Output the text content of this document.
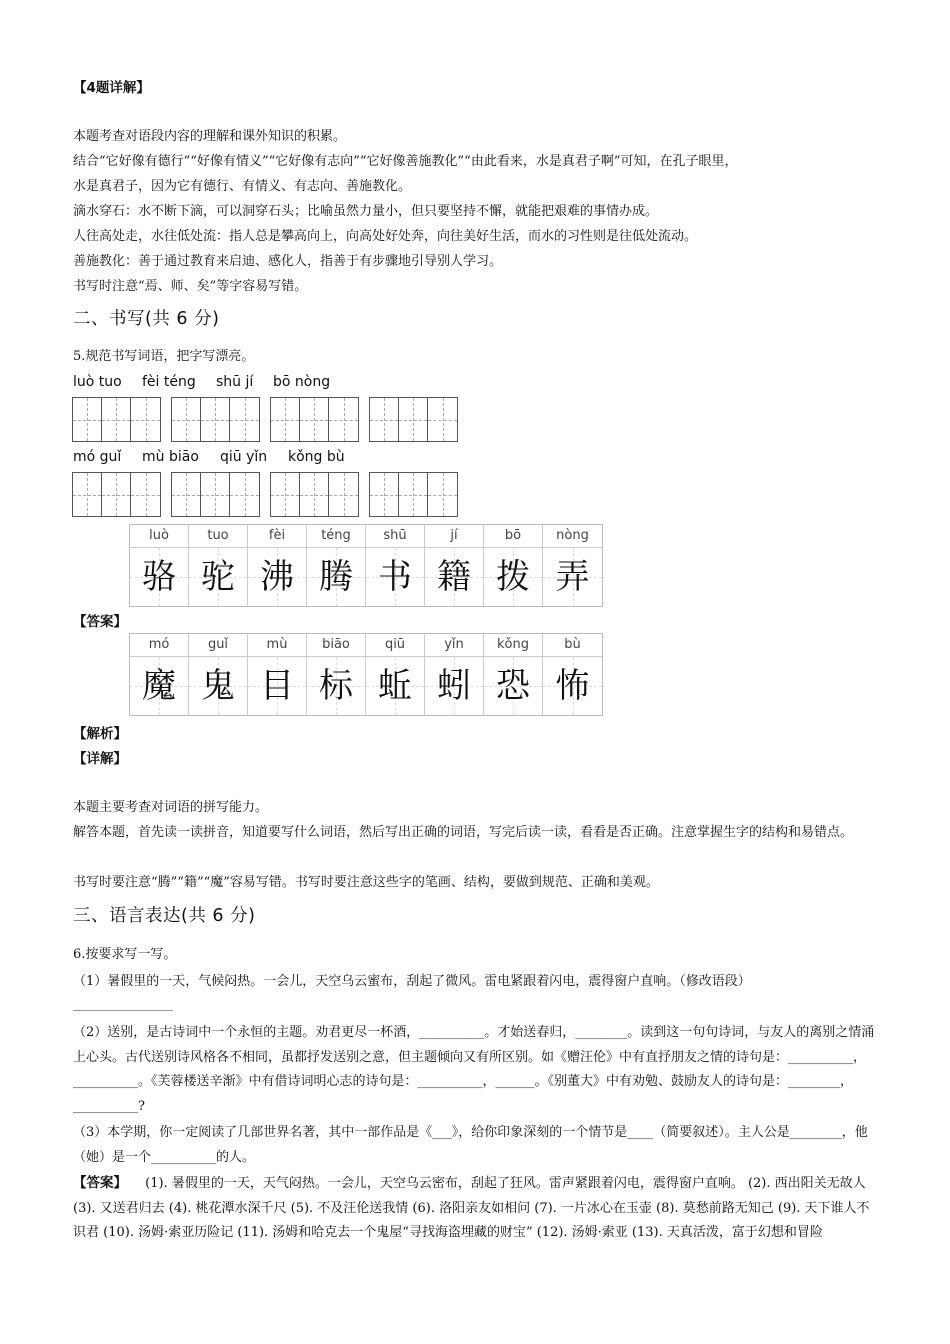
【4题详解】
本题考查对语段内容的理解和课外知识的积累。
结合“它好像有德行”“好像有情义”“它好像有志向”“它好像善施教化”“由此看来，水是真君子啊”可知，在孔子眼里，
水是真君子，因为它有德行、有情义、有志向、善施教化。
滴水穿石：水不断下滴，可以洞穿石头；比喻虽然力量小，但只要坚持不懈，就能把艰难的事情办成。
人往高处走，水往低处流：指人总是攀高向上，向高处好处奔，向往美好生活，而水的习性则是往低处流动。
善施教化：善于通过教育来启迪、感化人，指善于有步骤地引导别人学习。
书写时注意“焉、师、矣”等字容易写错。
二、书写(共 6 分)
5.规范书写词语，把字写漂亮。
luò tuo fèi téng shū jí bō nòng
mó guǐ mù biāo qiū yǐn kǒng bù
luò	tuo	fèi	téng	shū	jí	bō	nòng
骆 驼 沸 腾 书 籍 拨 弄
【答案】
mó	guǐ	mù	biāo	qiū	yǐn	kǒng	bù
魔 鬼 目 标 蚯 蚓 恐 怖
【解析】
【详解】
本题主要考查对词语的拼写能力。
解答本题，首先读一读拼音，知道要写什么词语，然后写出正确的词语，写完后读一读，看看是否正确。注意掌握生字的结构和易错点。
书写时要注意“腾”“籍”“魔”容易写错。书写时要注意这些字的笔画、结构，要做到规范、正确和美观。
三、语言表达(共 6 分)
6.按要求写一写。
（1）暑假里的一天，气候闷热。一会儿，天空乌云蜜布，刮起了微风。雷电紧跟着闪电，震得窗户直响。（修改语段）
（2）送别，是古诗词中一个永恒的主题。劝君更尽一杯酒，__________。才始送春归，________。读到这一句句诗词，与友人的离别之情涌上心头。古代送别诗风格各不相同，虽都抒发送别之意，但主题倾向又有所区别。如《赠汪伦》中有直抒朋友之情的诗句是：__________，__________。《芙蓉楼送辛渐》中有借诗词明心志的诗句是：__________，______。《别董大》中有劝勉、鼓励友人的诗句是：________，__________?
（3）本学期，你一定阅读了几部世界名著，其中一部作品是《___》，给你印象深刻的一个情节是____（简要叙述）。主人公是________，他（她）是一个__________的人。
【答案】 (1). 暑假里的一天，天气闷热。一会儿，天空乌云密布，刮起了狂风。雷声紧跟着闪电，震得窗户直响。 (2). 西出阳关无故人 (3). 又送君归去 (4). 桃花潭水深千尺 (5). 不及汪伦送我情 (6). 洛阳亲友如相问 (7). 一片冰心在玉壶 (8). 莫愁前路无知己 (9). 天下谁人不识君 (10). 汤姆·索亚历险记 (11). 汤姆和哈克去一个鬼屋“寻找海盗埋藏的财宝” (12). 汤姆·索亚 (13). 天真活泼，富于幻想和冒险
